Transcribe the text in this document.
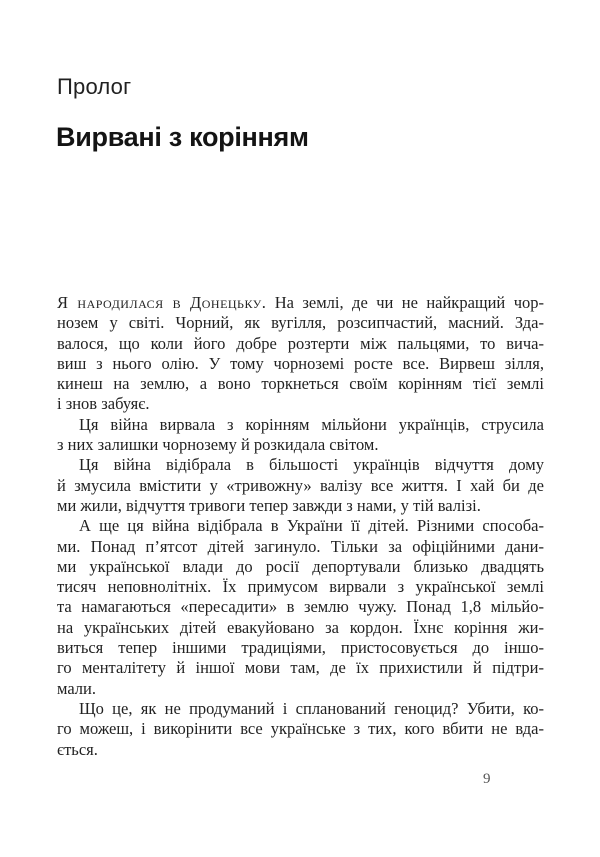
Пролог
Вирвані з корінням
Я народилася в Донецьку. На землі, де чи не найкращий чор-
нозем у світі. Чорний, як вугілля, розсипчастий, масний. Зда-
валося, що коли його добре розтерти між пальцями, то вича-
виш з нього олію. У тому чорноземі росте все. Вирвеш зілля,
кинеш на землю, а воно торкнеться своїм корінням тієї землі
і знов забуяє.
Ця війна вирвала з корінням мільйони українців, струсила
з них залишки чорнозему й розкидала світом.
Ця війна відібрала в більшості українців відчуття дому
й змусила вмістити у «тривожну» валізу все життя. І хай би де
ми жили, відчуття тривоги тепер завжди з нами, у тій валізі.
А ще ця війна відібрала в України її дітей. Різними способа-
ми. Понад п’ятсот дітей загинуло. Тільки за офіційними дани-
ми української влади до росії депортували близько двадцять
тисяч неповнолітніх. Їх примусом вирвали з української землі
та намагаються «пересадити» в землю чужу. Понад 1,8 мільйо-
на українських дітей евакуйовано за кордон. Їхнє коріння жи-
виться тепер іншими традиціями, пристосовується до іншо-
го менталітету й іншої мови там, де їх прихистили й підтри-
мали.
Що це, як не продуманий і спланований геноцид? Убити, ко-
го можеш, і викорінити все українське з тих, кого вбити не вда-
ється.
9
